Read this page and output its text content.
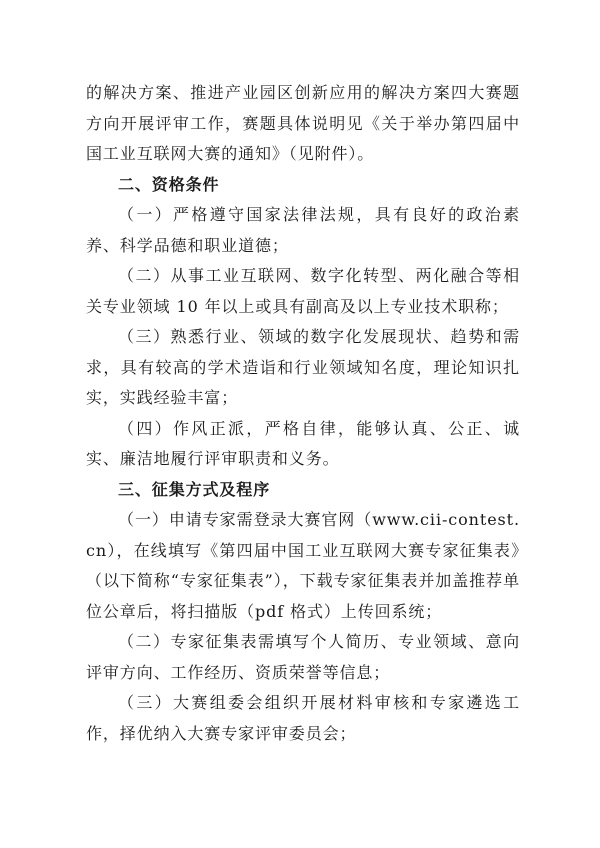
的解决方案、推进产业园区创新应用的解决方案四大赛题方向开展评审工作，赛题具体说明见《关于举办第四届中国工业互联网大赛的通知》（见附件）。

二、资格条件

（一）严格遵守国家法律法规，具有良好的政治素养、科学品德和职业道德；

（二）从事工业互联网、数字化转型、两化融合等相关专业领域 10 年以上或具有副高及以上专业技术职称；

（三）熟悉行业、领域的数字化发展现状、趋势和需求，具有较高的学术造诣和行业领域知名度，理论知识扎实，实践经验丰富；

（四）作风正派，严格自律，能够认真、公正、诚实、廉洁地履行评审职责和义务。

三、征集方式及程序

（一）申请专家需登录大赛官网（www.cii-contest.cn），在线填写《第四届中国工业互联网大赛专家征集表》（以下简称“专家征集表”），下载专家征集表并加盖推荐单位公章后，将扫描版（pdf 格式）上传回系统；

（二）专家征集表需填写个人简历、专业领域、意向评审方向、工作经历、资质荣誉等信息；

（三）大赛组委会组织开展材料审核和专家遴选工作，择优纳入大赛专家评审委员会；
